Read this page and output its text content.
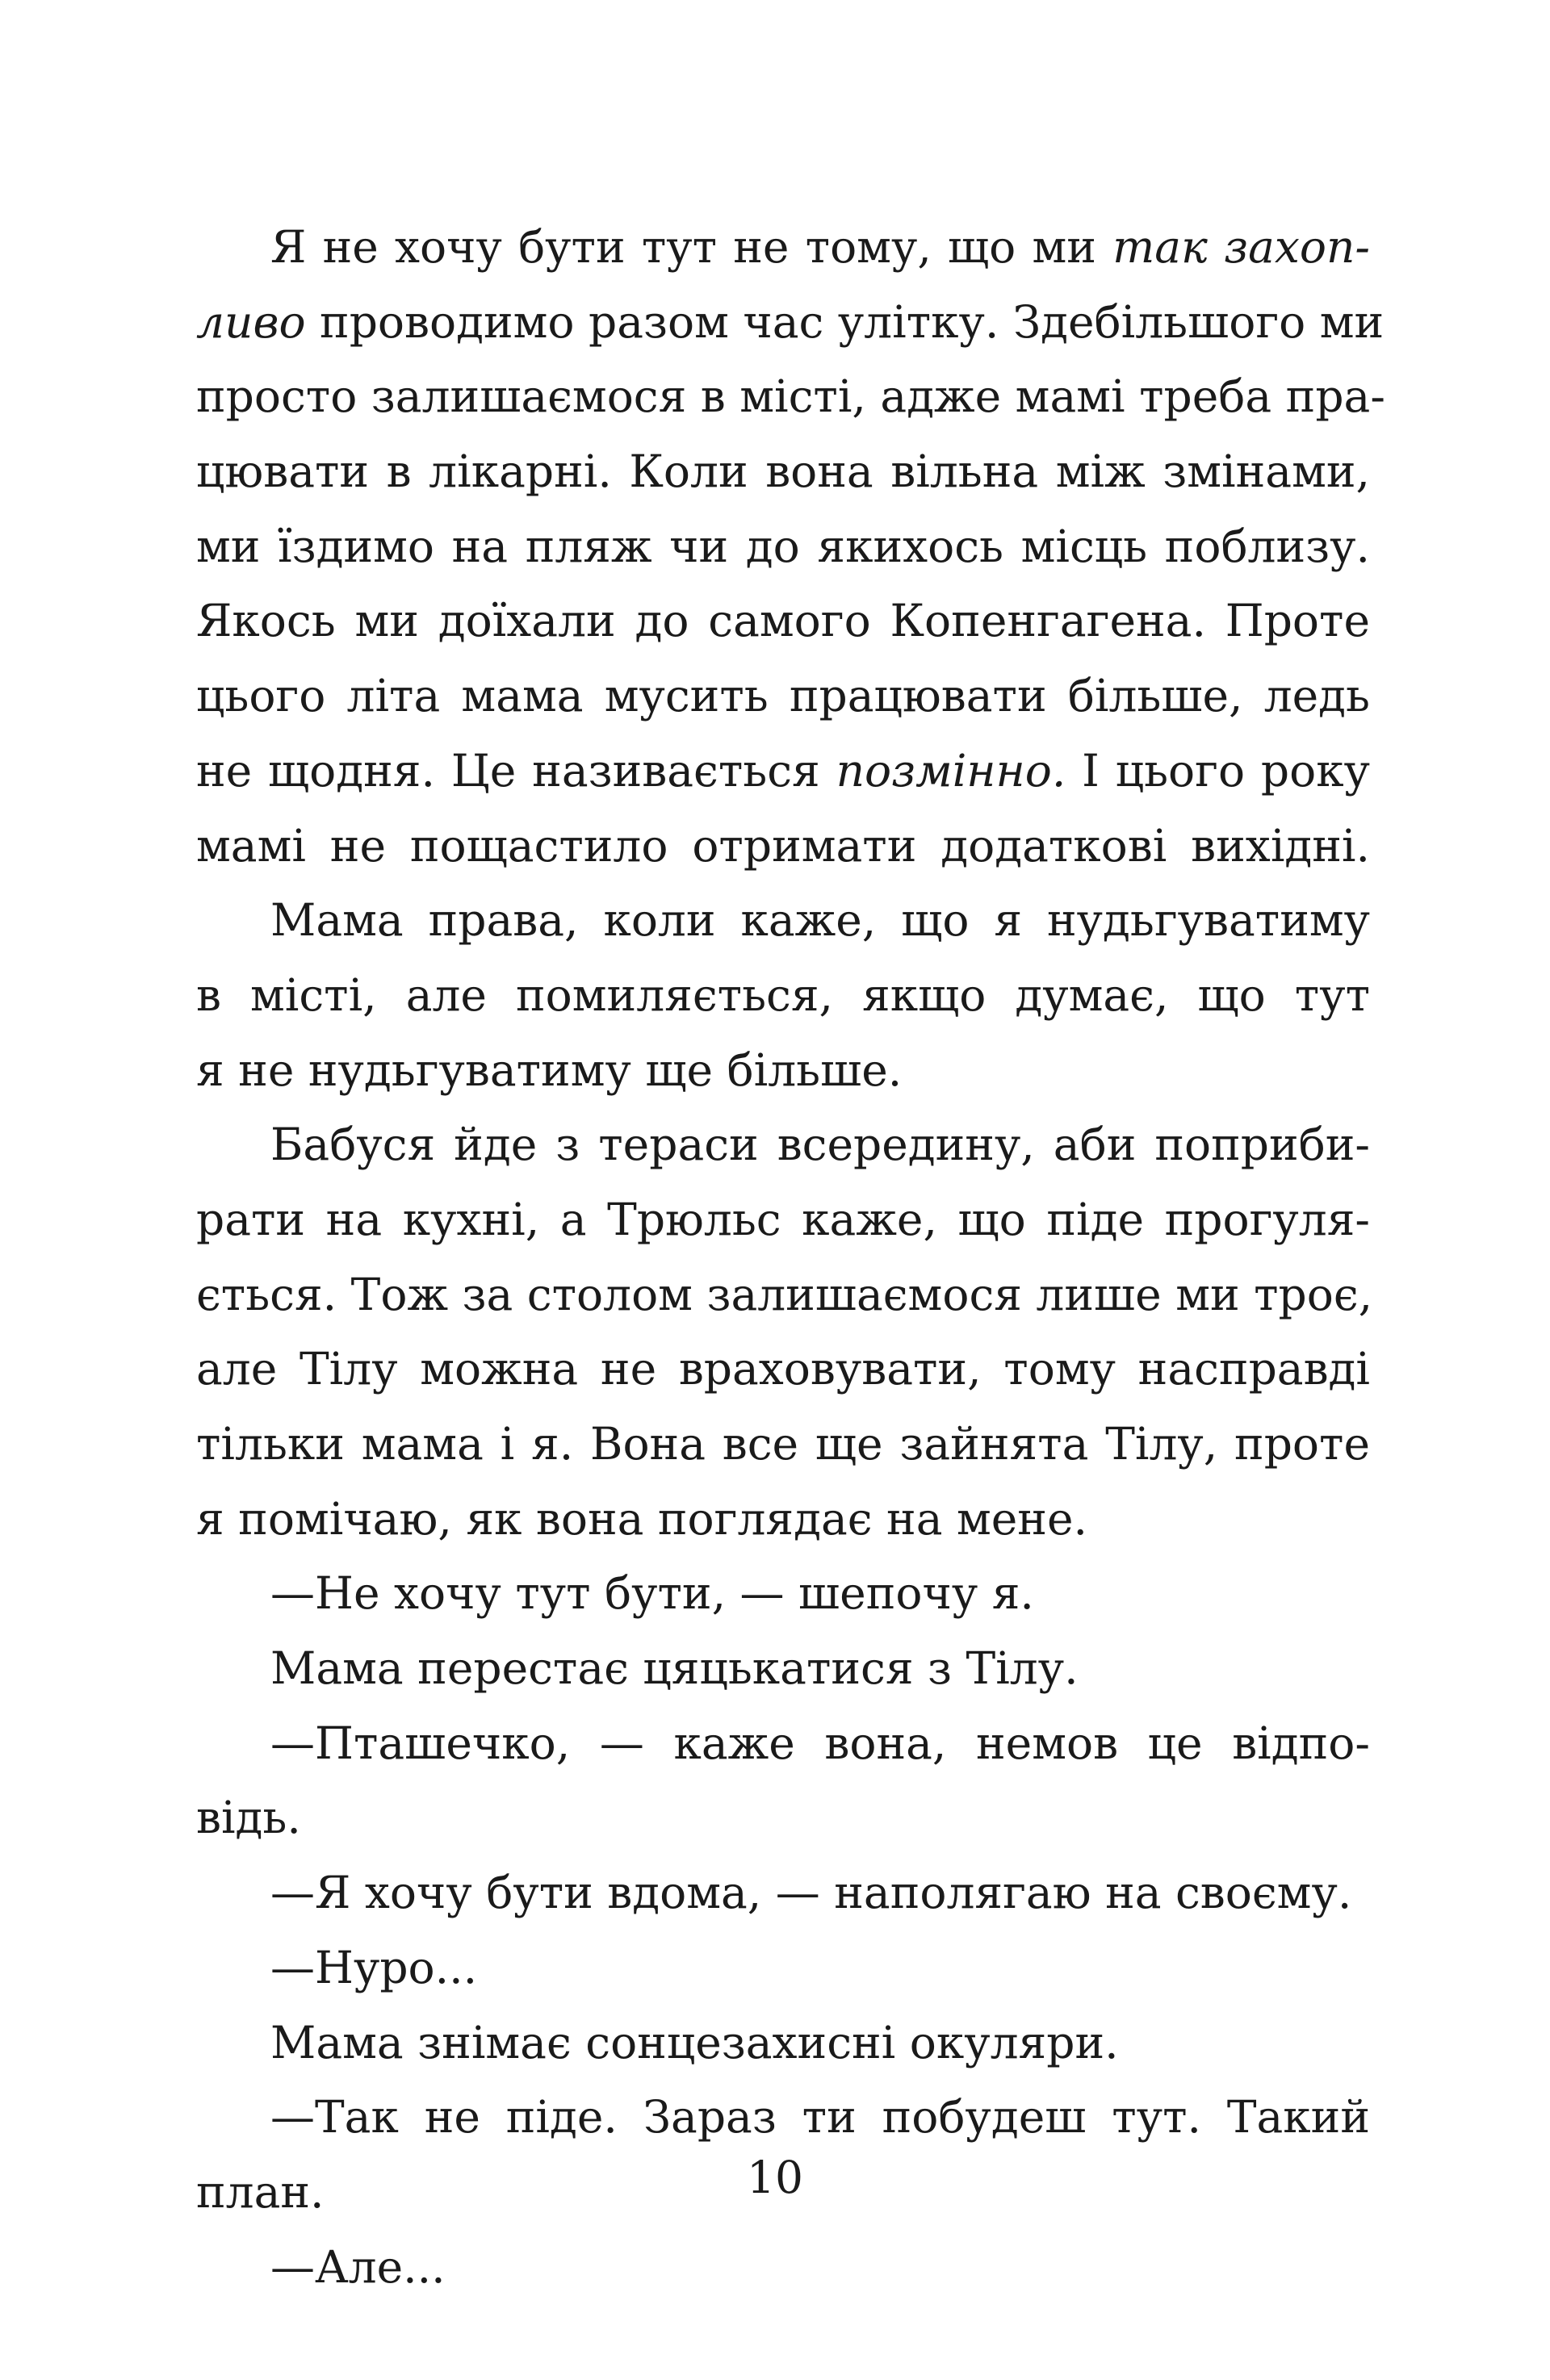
Я не хочу бути тут не тому, що ми так захоп-
ливо проводимо разом час улітку. Здебільшого ми
просто залишаємося в місті, адже мамі треба пра-
цювати в лікарні. Коли вона вільна між змінами,
ми їздимо на пляж чи до якихось місць поблизу.
Якось ми доїхали до самого Копенгагена. Проте
цього літа мама мусить працювати більше, ледь
не щодня. Це називається позмінно. І цього року
мамі не пощастило отримати додаткові вихідні.
Мама права, коли каже, що я нудьгуватиму
в місті, але помиляється, якщо думає, що тут
я не нудьгуватиму ще більше.
Бабуся йде з тераси всередину, аби поприби-
рати на кухні, а Трюльс каже, що піде прогуля-
ється. Тож за столом залишаємося лише ми троє,
але Тілу можна не враховувати, тому насправді
тільки мама і я. Вона все ще зайнята Тілу, проте
я помічаю, як вона поглядає на мене.
—Не хочу тут бути, — шепочу я.
Мама перестає цяцькатися з Тілу.
—Пташечко, — каже вона, немов це відпо-
відь.
—Я хочу бути вдома, — наполягаю на своєму.
—Нуро...
Мама знімає сонцезахисні окуляри.
—Так не піде. Зараз ти побудеш тут. Такий
план.
—Але...
10
